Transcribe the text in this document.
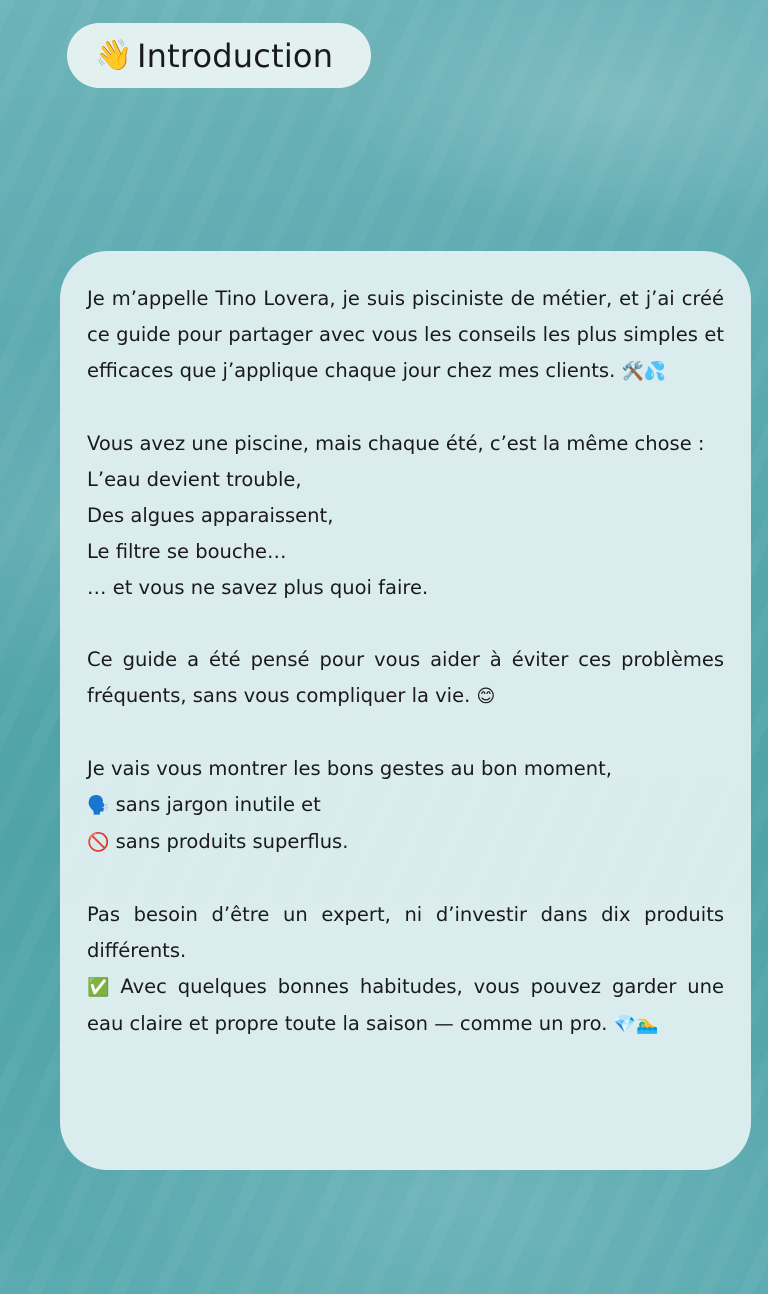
👋 Introduction

Je m’appelle Tino Lovera, je suis pisciniste de métier, et j’ai créé ce guide pour partager avec vous les conseils les plus simples et efficaces que j’applique chaque jour chez mes clients. 🛠️💦

Vous avez une piscine, mais chaque été, c’est la même chose :

L’eau devient trouble,

Des algues apparaissent,

Le filtre se bouche…

… et vous ne savez plus quoi faire.

Ce guide a été pensé pour vous aider à éviter ces problèmes fréquents, sans vous compliquer la vie. 😊

Je vais vous montrer les bons gestes au bon moment,

🗣️ sans jargon inutile et

🚫 sans produits superflus.

Pas besoin d’être un expert, ni d’investir dans dix produits différents.

✅ Avec quelques bonnes habitudes, vous pouvez garder une eau claire et propre toute la saison — comme un pro. 💎🏊‍♂️
